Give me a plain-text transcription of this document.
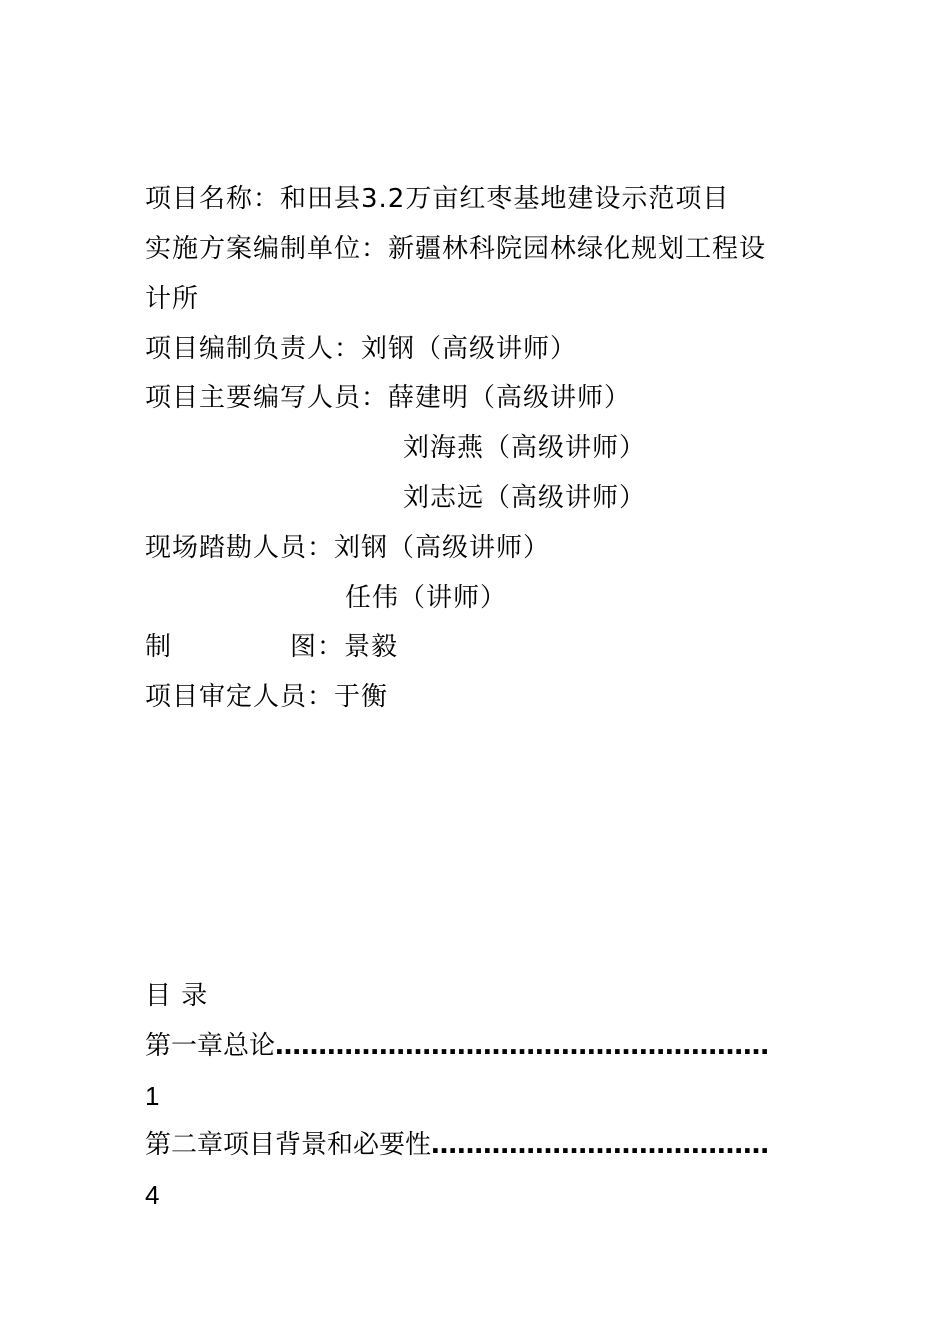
项目名称：和田县3.2万亩红枣基地建设示范项目
实施方案编制单位：新疆林科院园林绿化规划工程设
计所
项目编制负责人：刘钢（高级讲师）
项目主要编写人员：薛建明（高级讲师）
刘海燕（高级讲师）
刘志远（高级讲师）
现场踏勘人员：刘钢（高级讲师）
任伟（讲师）
制	图：景毅
项目审定人员：于衡
目 录
第一章总论…………………………………………………
1
第二章项目背景和必要性…………………………………
4
